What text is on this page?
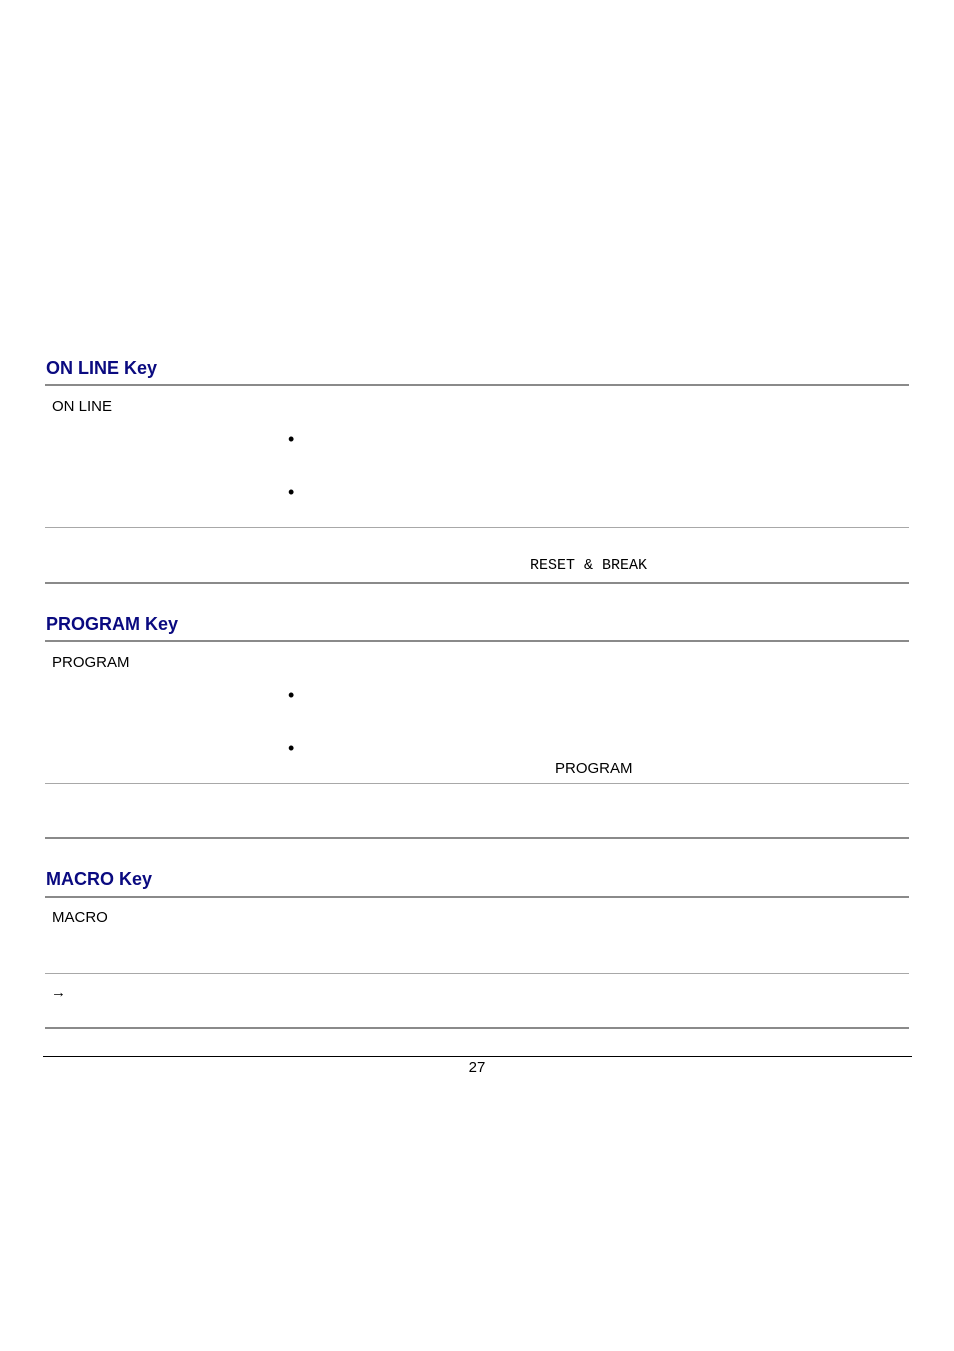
ON LINE Key
ON LINE
•
•
RESET & BREAK
PROGRAM Key
PROGRAM
•
•
PROGRAM
MACRO Key
MACRO
→
27
